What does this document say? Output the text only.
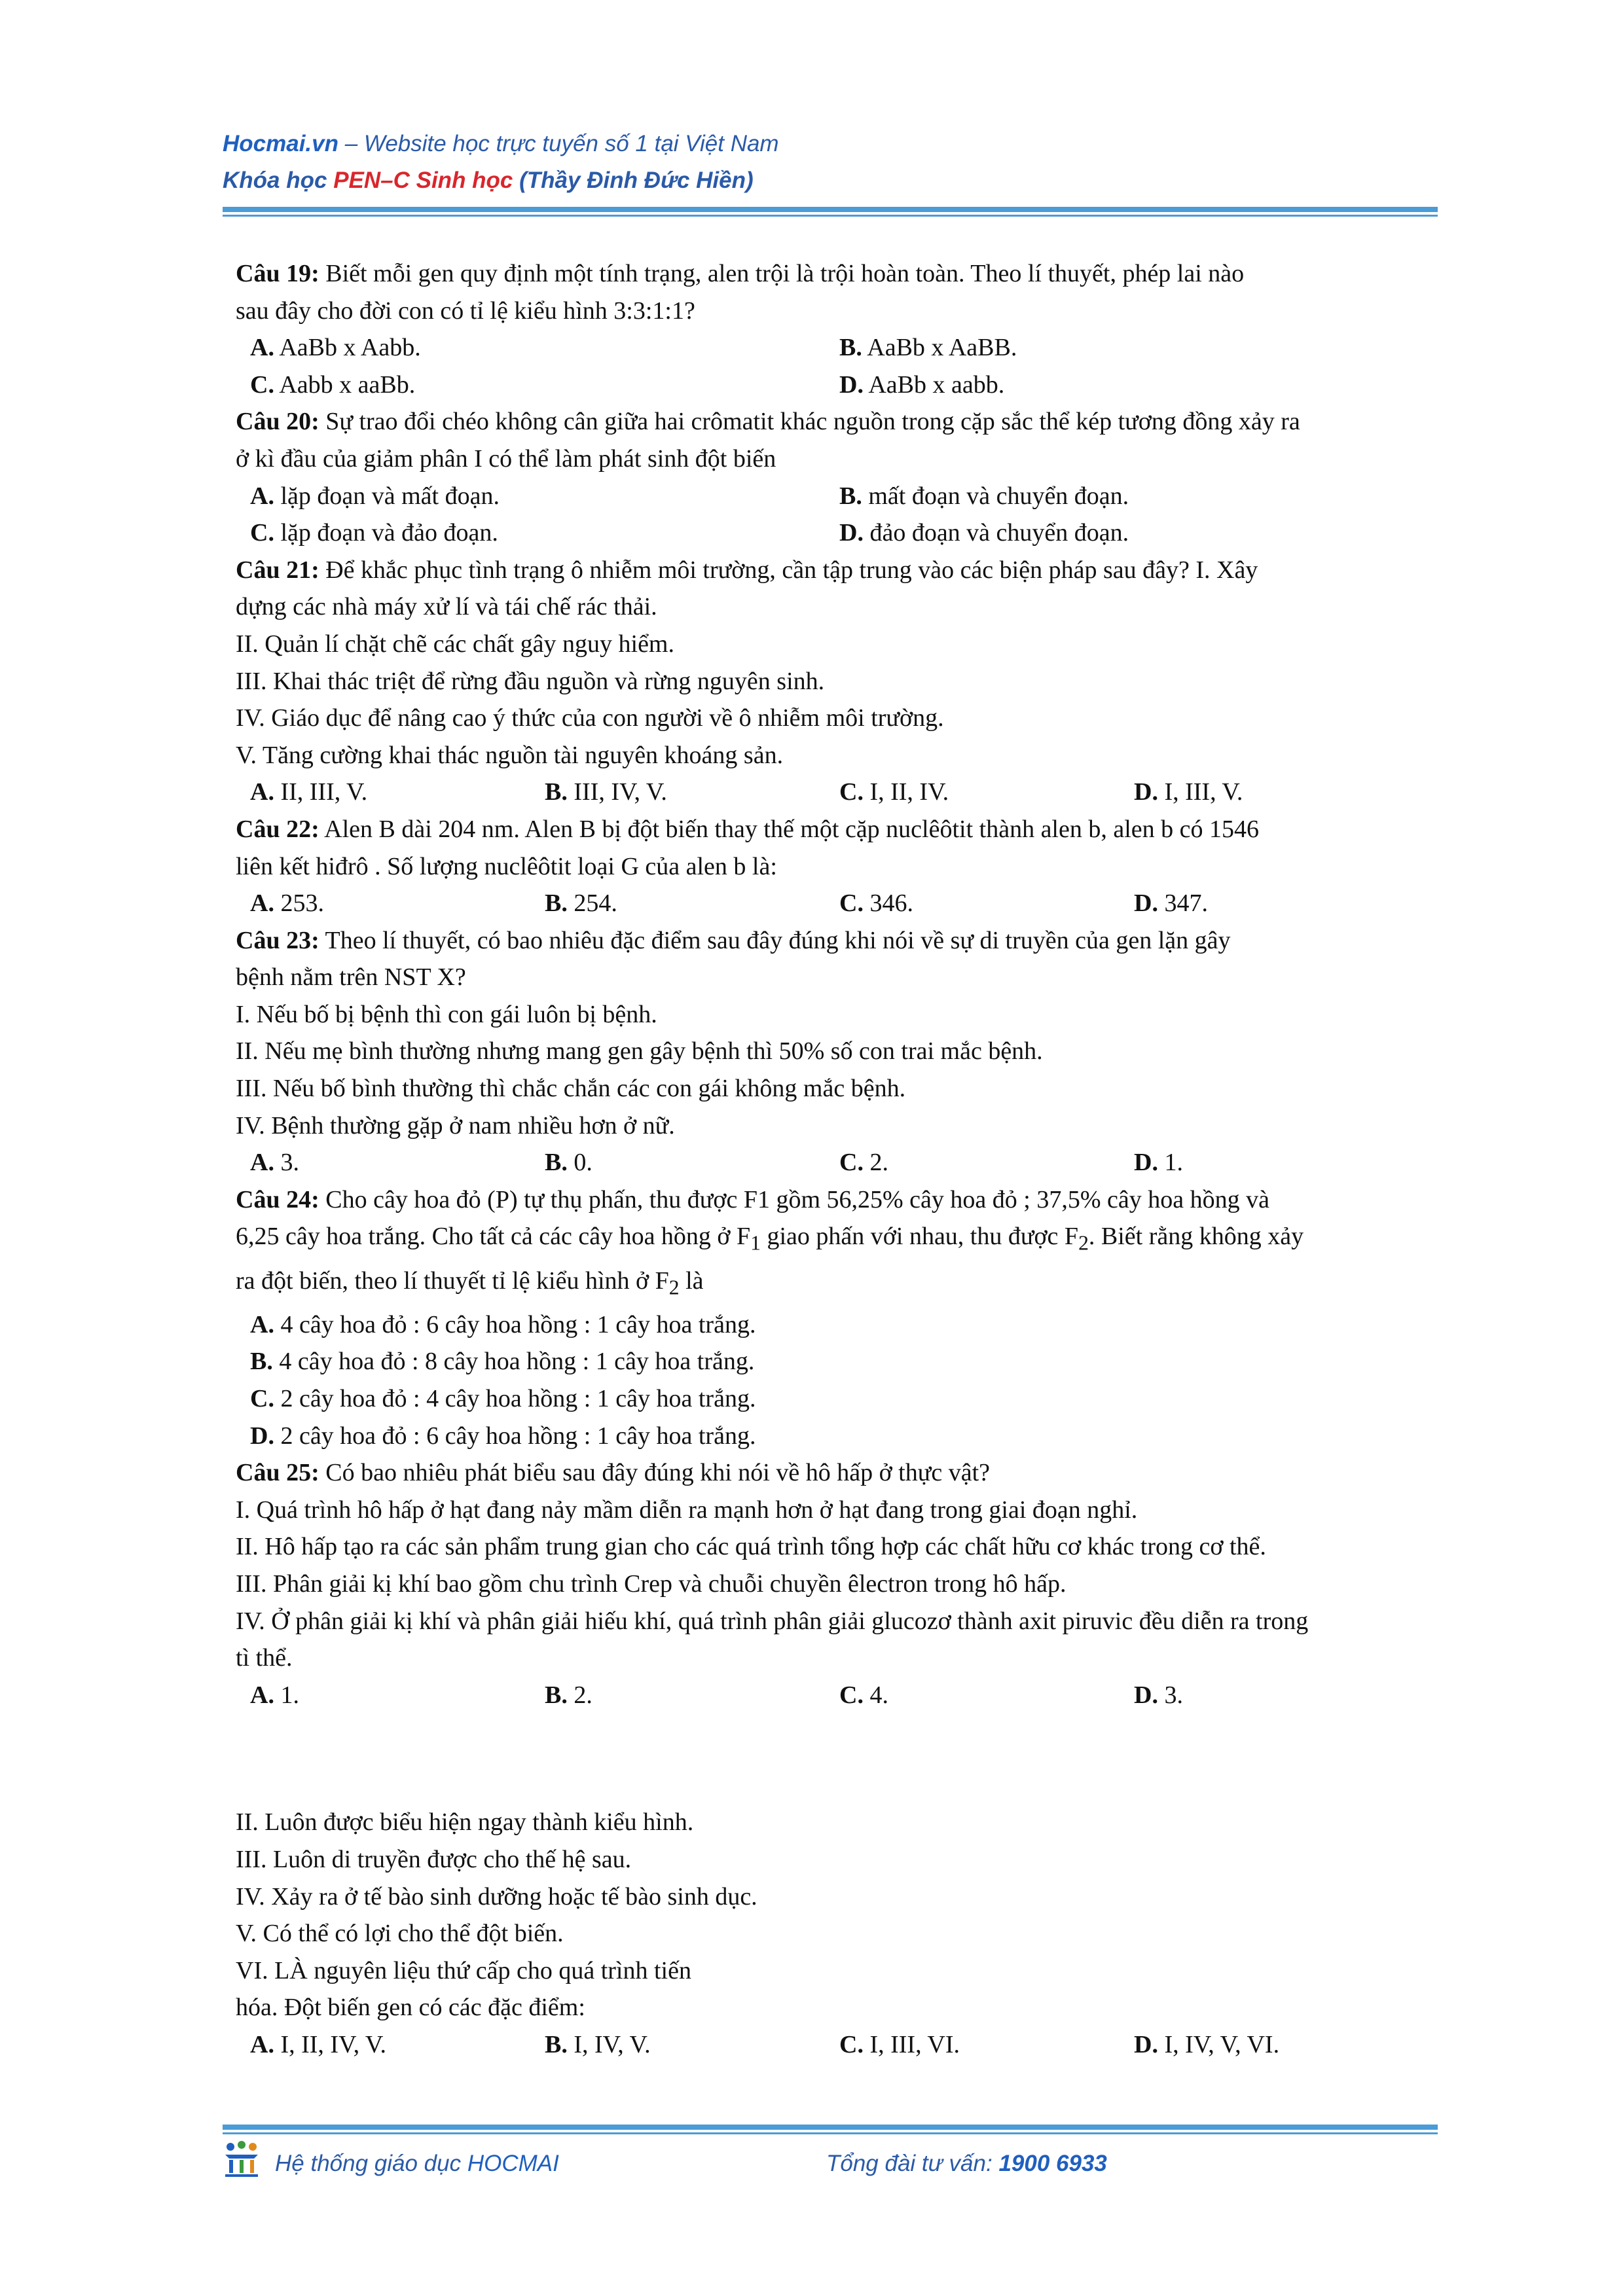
Hocmai.vn – Website học trực tuyến số 1 tại Việt Nam
Khóa học PEN–C Sinh học (Thầy Đinh Đức Hiền)
Câu 19: Biết mỗi gen quy định một tính trạng, alen trội là trội hoàn toàn. Theo lí thuyết, phép lai nào
sau đây cho đời con có tỉ lệ kiểu hình 3:3:1:1?
A. AaBb x Aabb.	B. AaBb x AaBB.
C. Aabb x aaBb.	D. AaBb x aabb.
Câu 20: Sự trao đổi chéo không cân giữa hai crômatit khác nguồn trong cặp sắc thể kép tương đồng xảy ra
ở kì đầu của giảm phân I có thể làm phát sinh đột biến
A. lặp đoạn và mất đoạn.	B. mất đoạn và chuyển đoạn.
C. lặp đoạn và đảo đoạn.	D. đảo đoạn và chuyển đoạn.
Câu 21: Để khắc phục tình trạng ô nhiễm môi trường, cần tập trung vào các biện pháp sau đây? I. Xây
dựng các nhà máy xử lí và tái chế rác thải.
II. Quản lí chặt chẽ các chất gây nguy hiểm.
III. Khai thác triệt để rừng đầu nguồn và rừng nguyên sinh.
IV. Giáo dục để nâng cao ý thức của con người về ô nhiễm môi trường.
V. Tăng cường khai thác nguồn tài nguyên khoáng sản.
A. II, III, V.	B. III, IV, V.	C. I, II, IV.	D. I, III, V.
Câu 22: Alen B dài 204 nm. Alen B bị đột biến thay thế một cặp nuclêôtit thành alen b, alen b có 1546
liên kết hiđrô . Số lượng nuclêôtit loại G của alen b là:
A. 253.	B. 254.	C. 346.	D. 347.
Câu 23: Theo lí thuyết, có bao nhiêu đặc điểm sau đây đúng khi nói về sự di truyền của gen lặn gây
bệnh nằm trên NST X?
I. Nếu bố bị bệnh thì con gái luôn bị bệnh.
II. Nếu mẹ bình thường nhưng mang gen gây bệnh thì 50% số con trai mắc bệnh.
III. Nếu bố bình thường thì chắc chắn các con gái không mắc bệnh.
IV. Bệnh thường gặp ở nam nhiều hơn ở nữ.
A. 3.	B. 0.	C. 2.	D. 1.
Câu 24: Cho cây hoa đỏ (P) tự thụ phấn, thu được F1 gồm 56,25% cây hoa đỏ ; 37,5% cây hoa hồng và
6,25 cây hoa trắng. Cho tất cả các cây hoa hồng ở $F_1$ giao phấn với nhau, thu được $F_2$. Biết rằng không xảy
ra đột biến, theo lí thuyết tỉ lệ kiểu hình ở $F_2$ là
A. 4 cây hoa đỏ : 6 cây hoa hồng : 1 cây hoa trắng.
B. 4 cây hoa đỏ : 8 cây hoa hồng : 1 cây hoa trắng.
C. 2 cây hoa đỏ : 4 cây hoa hồng : 1 cây hoa trắng.
D. 2 cây hoa đỏ : 6 cây hoa hồng : 1 cây hoa trắng.
Câu 25: Có bao nhiêu phát biểu sau đây đúng khi nói về hô hấp ở thực vật?
I. Quá trình hô hấp ở hạt đang nảy mầm diễn ra mạnh hơn ở hạt đang trong giai đoạn nghỉ.
II. Hô hấp tạo ra các sản phẩm trung gian cho các quá trình tổng hợp các chất hữu cơ khác trong cơ thể.
III. Phân giải kị khí bao gồm chu trình Crep và chuỗi chuyền êlectron trong hô hấp.
IV. Ở phân giải kị khí và phân giải hiếu khí, quá trình phân giải glucozơ thành axit piruvic đều diễn ra trong
tì thể.
A. 1.	B. 2.	C. 4.	D. 3.
II. Luôn được biểu hiện ngay thành kiểu hình.
III. Luôn di truyền được cho thế hệ sau.
IV. Xảy ra ở tế bào sinh dưỡng hoặc tế bào sinh dục.
V. Có thể có lợi cho thể đột biến.
VI. LÀ nguyên liệu thứ cấp cho quá trình tiến
hóa. Đột biến gen có các đặc điểm:
A. I, II, IV, V.	B. I, IV, V.	C. I, III, VI.	D. I, IV, V, VI.
Hệ thống giáo dục HOCMAI	Tổng đài tư vấn: 1900 6933
